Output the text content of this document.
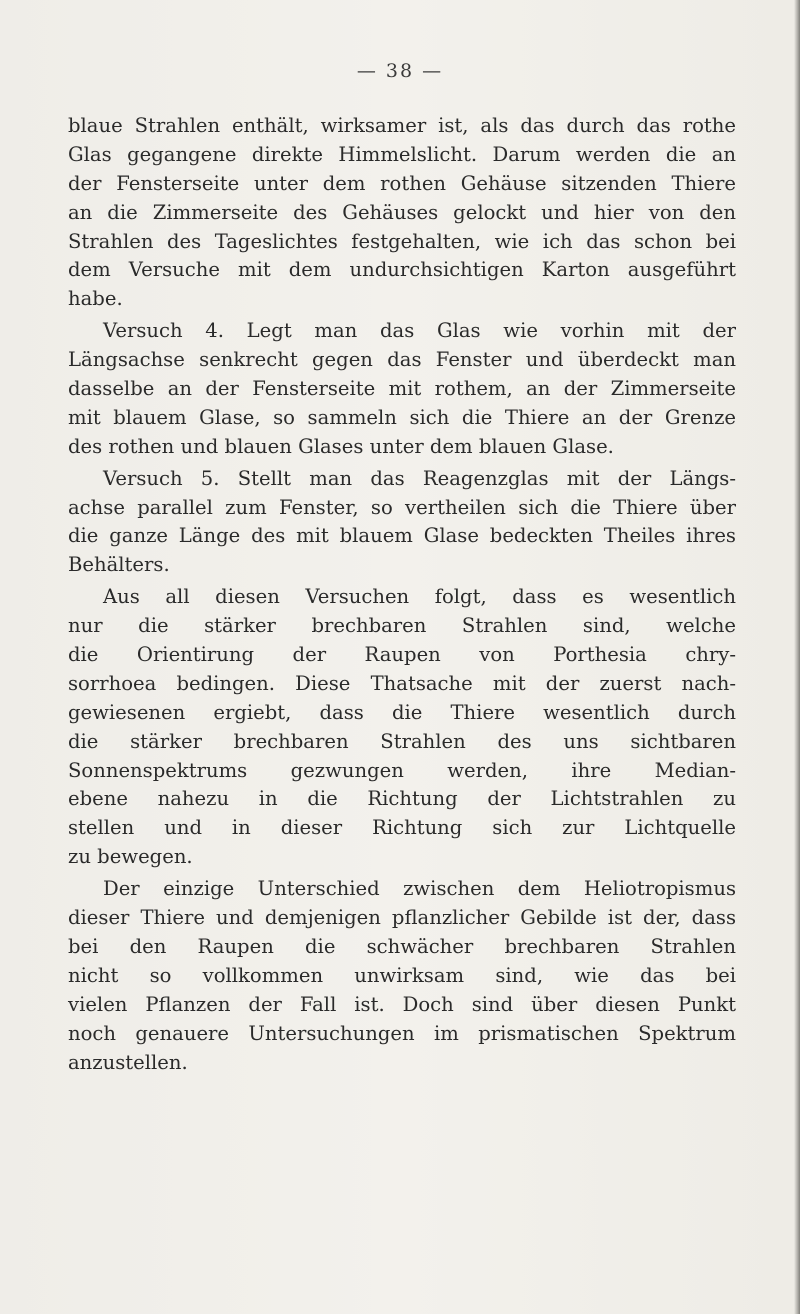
— 38 —
blaue Strahlen enthält, wirksamer ist, als das durch das rothe
Glas gegangene direkte Himmelslicht. Darum werden die an
der Fensterseite unter dem rothen Gehäuse sitzenden Thiere
an die Zimmerseite des Gehäuses gelockt und hier von den
Strahlen des Tageslichtes festgehalten, wie ich das schon bei
dem Versuche mit dem undurchsichtigen Karton ausgeführt
habe.
Versuch 4. Legt man das Glas wie vorhin mit der
Längsachse senkrecht gegen das Fenster und überdeckt man
dasselbe an der Fensterseite mit rothem, an der Zimmerseite
mit blauem Glase, so sammeln sich die Thiere an der Grenze
des rothen und blauen Glases unter dem blauen Glase.
Versuch 5. Stellt man das Reagenzglas mit der Längs-
achse parallel zum Fenster, so vertheilen sich die Thiere über
die ganze Länge des mit blauem Glase bedeckten Theiles ihres
Behälters.
Aus all diesen Versuchen folgt, dass es wesentlich
nur die stärker brechbaren Strahlen sind, welche
die Orientirung der Raupen von Porthesia chry-
sorrhoea bedingen. Diese Thatsache mit der zuerst nach-
gewiesenen ergiebt, dass die Thiere wesentlich durch
die stärker brechbaren Strahlen des uns sichtbaren
Sonnenspektrums gezwungen werden, ihre Median-
ebene nahezu in die Richtung der Lichtstrahlen zu
stellen und in dieser Richtung sich zur Lichtquelle
zu bewegen.
Der einzige Unterschied zwischen dem Heliotropismus
dieser Thiere und demjenigen pflanzlicher Gebilde ist der, dass
bei den Raupen die schwächer brechbaren Strahlen
nicht so vollkommen unwirksam sind, wie das bei
vielen Pflanzen der Fall ist. Doch sind über diesen Punkt
noch genauere Untersuchungen im prismatischen Spektrum
anzustellen.
